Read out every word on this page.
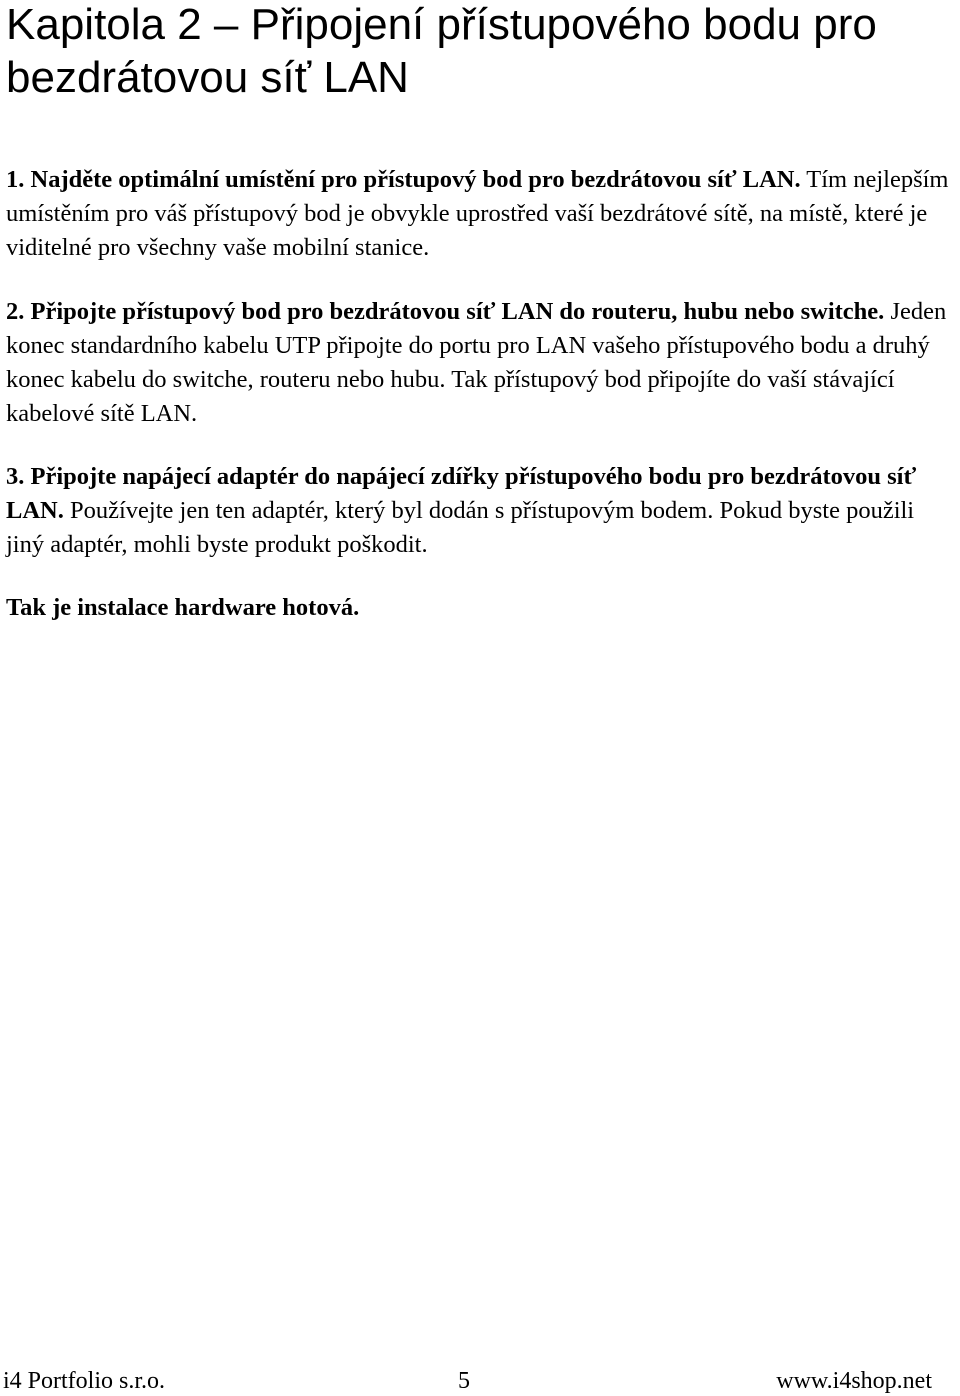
Kapitola 2 – Připojení přístupového bodu pro bezdrátovou síť LAN

1. Najděte optimální umístění pro přístupový bod pro bezdrátovou síť LAN. Tím nejlepším umístěním pro váš přístupový bod je obvykle uprostřed vaší bezdrátové sítě, na místě, které je viditelné pro všechny vaše mobilní stanice.

2. Připojte přístupový bod pro bezdrátovou síť LAN do routeru, hubu nebo switche. Jeden konec standardního kabelu UTP připojte do portu pro LAN vašeho přístupového bodu a druhý konec kabelu do switche, routeru nebo hubu. Tak přístupový bod připojíte do vaší stávající kabelové sítě LAN.

3. Připojte napájecí adaptér do napájecí zdířky přístupového bodu pro bezdrátovou síť LAN. Používejte jen ten adaptér, který byl dodán s přístupovým bodem. Pokud byste použili jiný adaptér, mohli byste produkt poškodit.

Tak je instalace hardware hotová.

i4 Portfolio s.r.o.	5	www.i4shop.net
